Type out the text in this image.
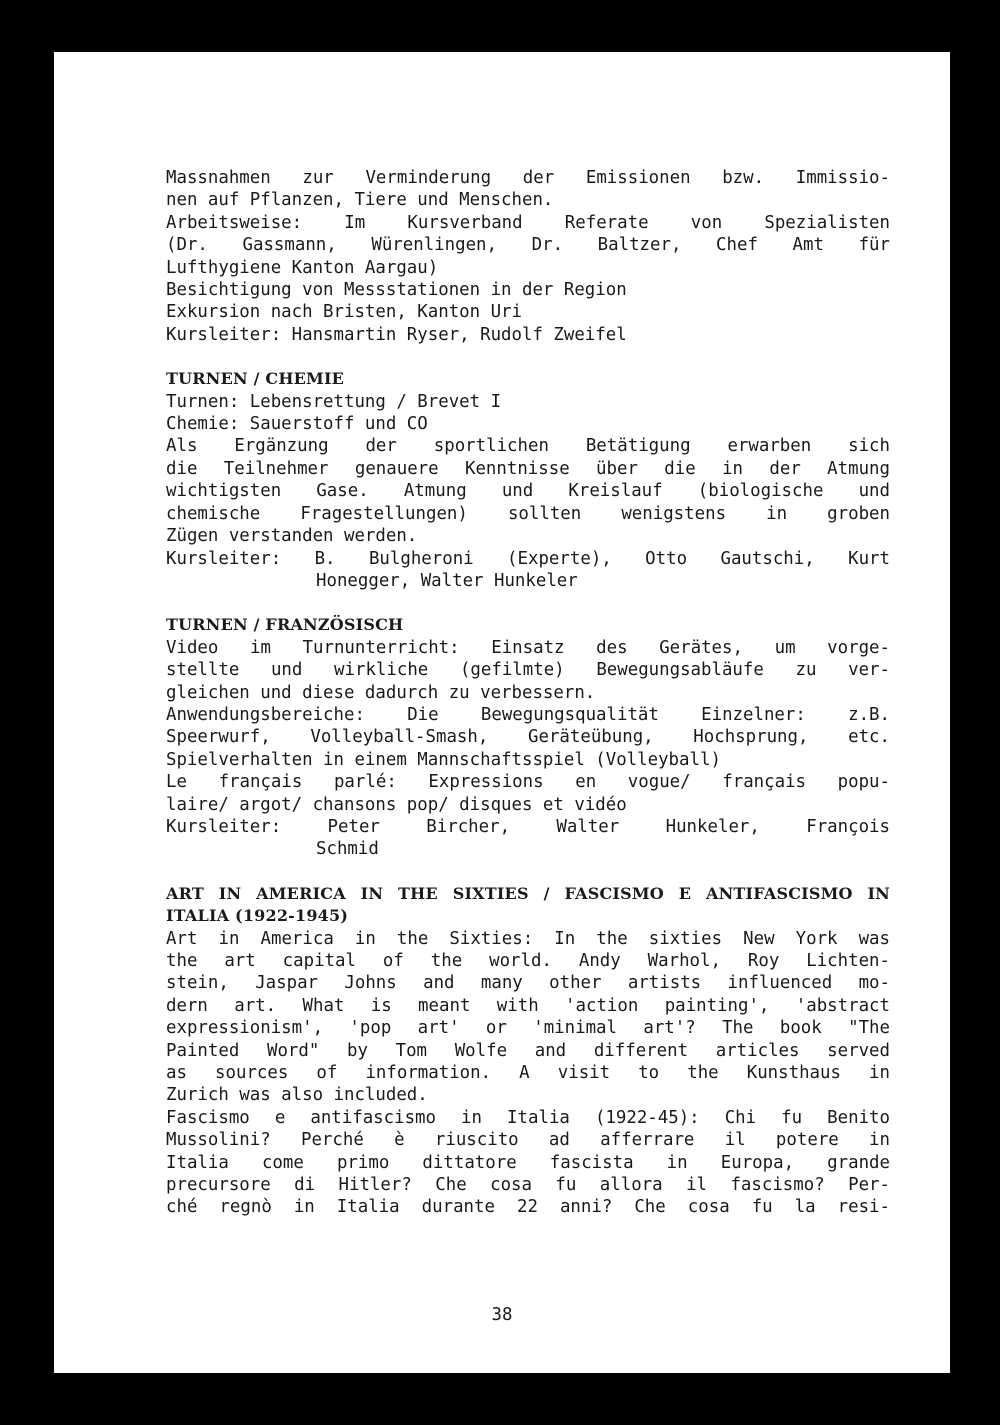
Massnahmen zur Verminderung der Emissionen bzw. Immissio-
nen auf Pflanzen, Tiere und Menschen.
Arbeitsweise: Im Kursverband Referate von Spezialisten
(Dr. Gassmann, Würenlingen, Dr. Baltzer, Chef Amt für
Lufthygiene Kanton Aargau)
Besichtigung von Messstationen in der Region
Exkursion nach Bristen, Kanton Uri
Kursleiter: Hansmartin Ryser, Rudolf Zweifel
TURNEN / CHEMIE
Turnen: Lebensrettung / Brevet I
Chemie: Sauerstoff und CO
Als Ergänzung der sportlichen Betätigung erwarben sich
die Teilnehmer genauere Kenntnisse über die in der Atmung
wichtigsten Gase. Atmung und Kreislauf (biologische und
chemische Fragestellungen) sollten wenigstens in groben
Zügen verstanden werden.
Kursleiter: B. Bulgheroni (Experte), Otto Gautschi, Kurt
Honegger, Walter Hunkeler
TURNEN / FRANZÖSISCH
Video im Turnunterricht: Einsatz des Gerätes, um vorge-
stellte und wirkliche (gefilmte) Bewegungsabläufe zu ver-
gleichen und diese dadurch zu verbessern.
Anwendungsbereiche: Die Bewegungsqualität Einzelner: z.B.
Speerwurf, Volleyball-Smash, Geräteübung, Hochsprung, etc.
Spielverhalten in einem Mannschaftsspiel (Volleyball)
Le français parlé: Expressions en vogue/ français popu-
laire/ argot/ chansons pop/ disques et vidéo
Kursleiter: Peter Bircher, Walter Hunkeler, François
Schmid
ART IN AMERICA IN THE SIXTIES / FASCISMO E ANTIFASCISMO IN
ITALIA (1922-1945)
Art in America in the Sixties: In the sixties New York was
the art capital of the world. Andy Warhol, Roy Lichten-
stein, Jaspar Johns and many other artists influenced mo-
dern art. What is meant with 'action painting', 'abstract
expressionism', 'pop art' or 'minimal art'? The book "The
Painted Word" by Tom Wolfe and different articles served
as sources of information. A visit to the Kunsthaus in
Zurich was also included.
Fascismo e antifascismo in Italia (1922-45): Chi fu Benito
Mussolini? Perché è riuscito ad afferrare il potere in
Italia come primo dittatore fascista in Europa, grande
precursore di Hitler? Che cosa fu allora il fascismo? Per-
ché regnò in Italia durante 22 anni? Che cosa fu la resi-
38
